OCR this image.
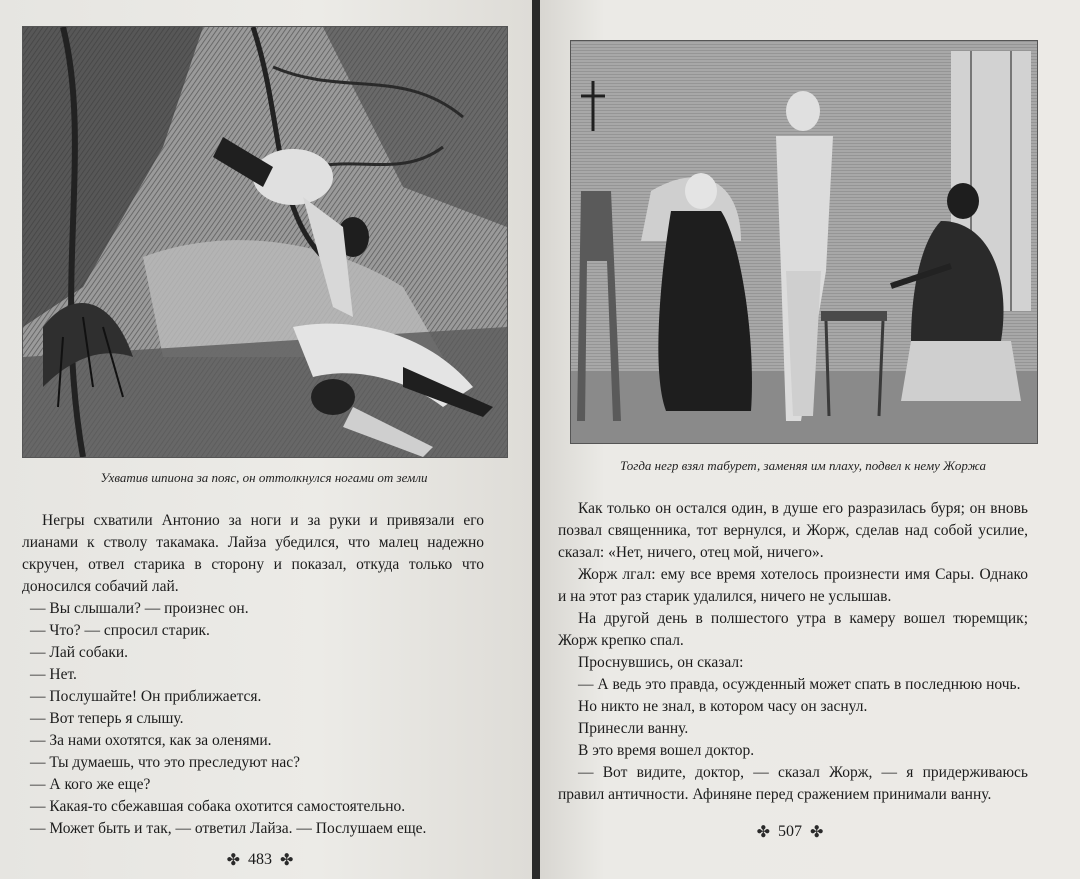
Ухватив шпиона за пояс, он оттолкнулся ногами от земли

Негры схватили Антонио за ноги и за руки и привязали его лианами к стволу такамака. Лайза убедился, что малец надежно скручен, отвел старика в сторону и показал, откуда только что доносился собачий лай.

— Вы слышали? — произнес он.

— Что? — спросил старик.

— Лай собаки.

— Нет.

— Послушайте! Он приближается.

— Вот теперь я слышу.

— За нами охотятся, как за оленями.

— Ты думаешь, что это преследуют нас?

— А кого же еще?

— Какая-то сбежавшая собака охотится самостоятельно.

— Может быть и так, — ответил Лайза. — Послушаем еще.

✤ 483 ✤
Тогда негр взял табурет, заменяя им плаху, подвел к нему Жоржа

Как только он остался один, в душе его разразилась буря; он вновь позвал священника, тот вернулся, и Жорж, сделав над собой усилие, сказал: «Нет, ничего, отец мой, ничего».

Жорж лгал: ему все время хотелось произнести имя Сары. Однако и на этот раз старик удалился, ничего не услышав.

На другой день в полшестого утра в камеру вошел тюремщик; Жорж крепко спал.

Проснувшись, он сказал:

— А ведь это правда, осужденный может спать в последнюю ночь.

Но никто не знал, в котором часу он заснул.

Принесли ванну.

В это время вошел доктор.

— Вот видите, доктор, — сказал Жорж, — я придерживаюсь правил античности. Афиняне перед сражением принимали ванну.

✤ 507 ✤
